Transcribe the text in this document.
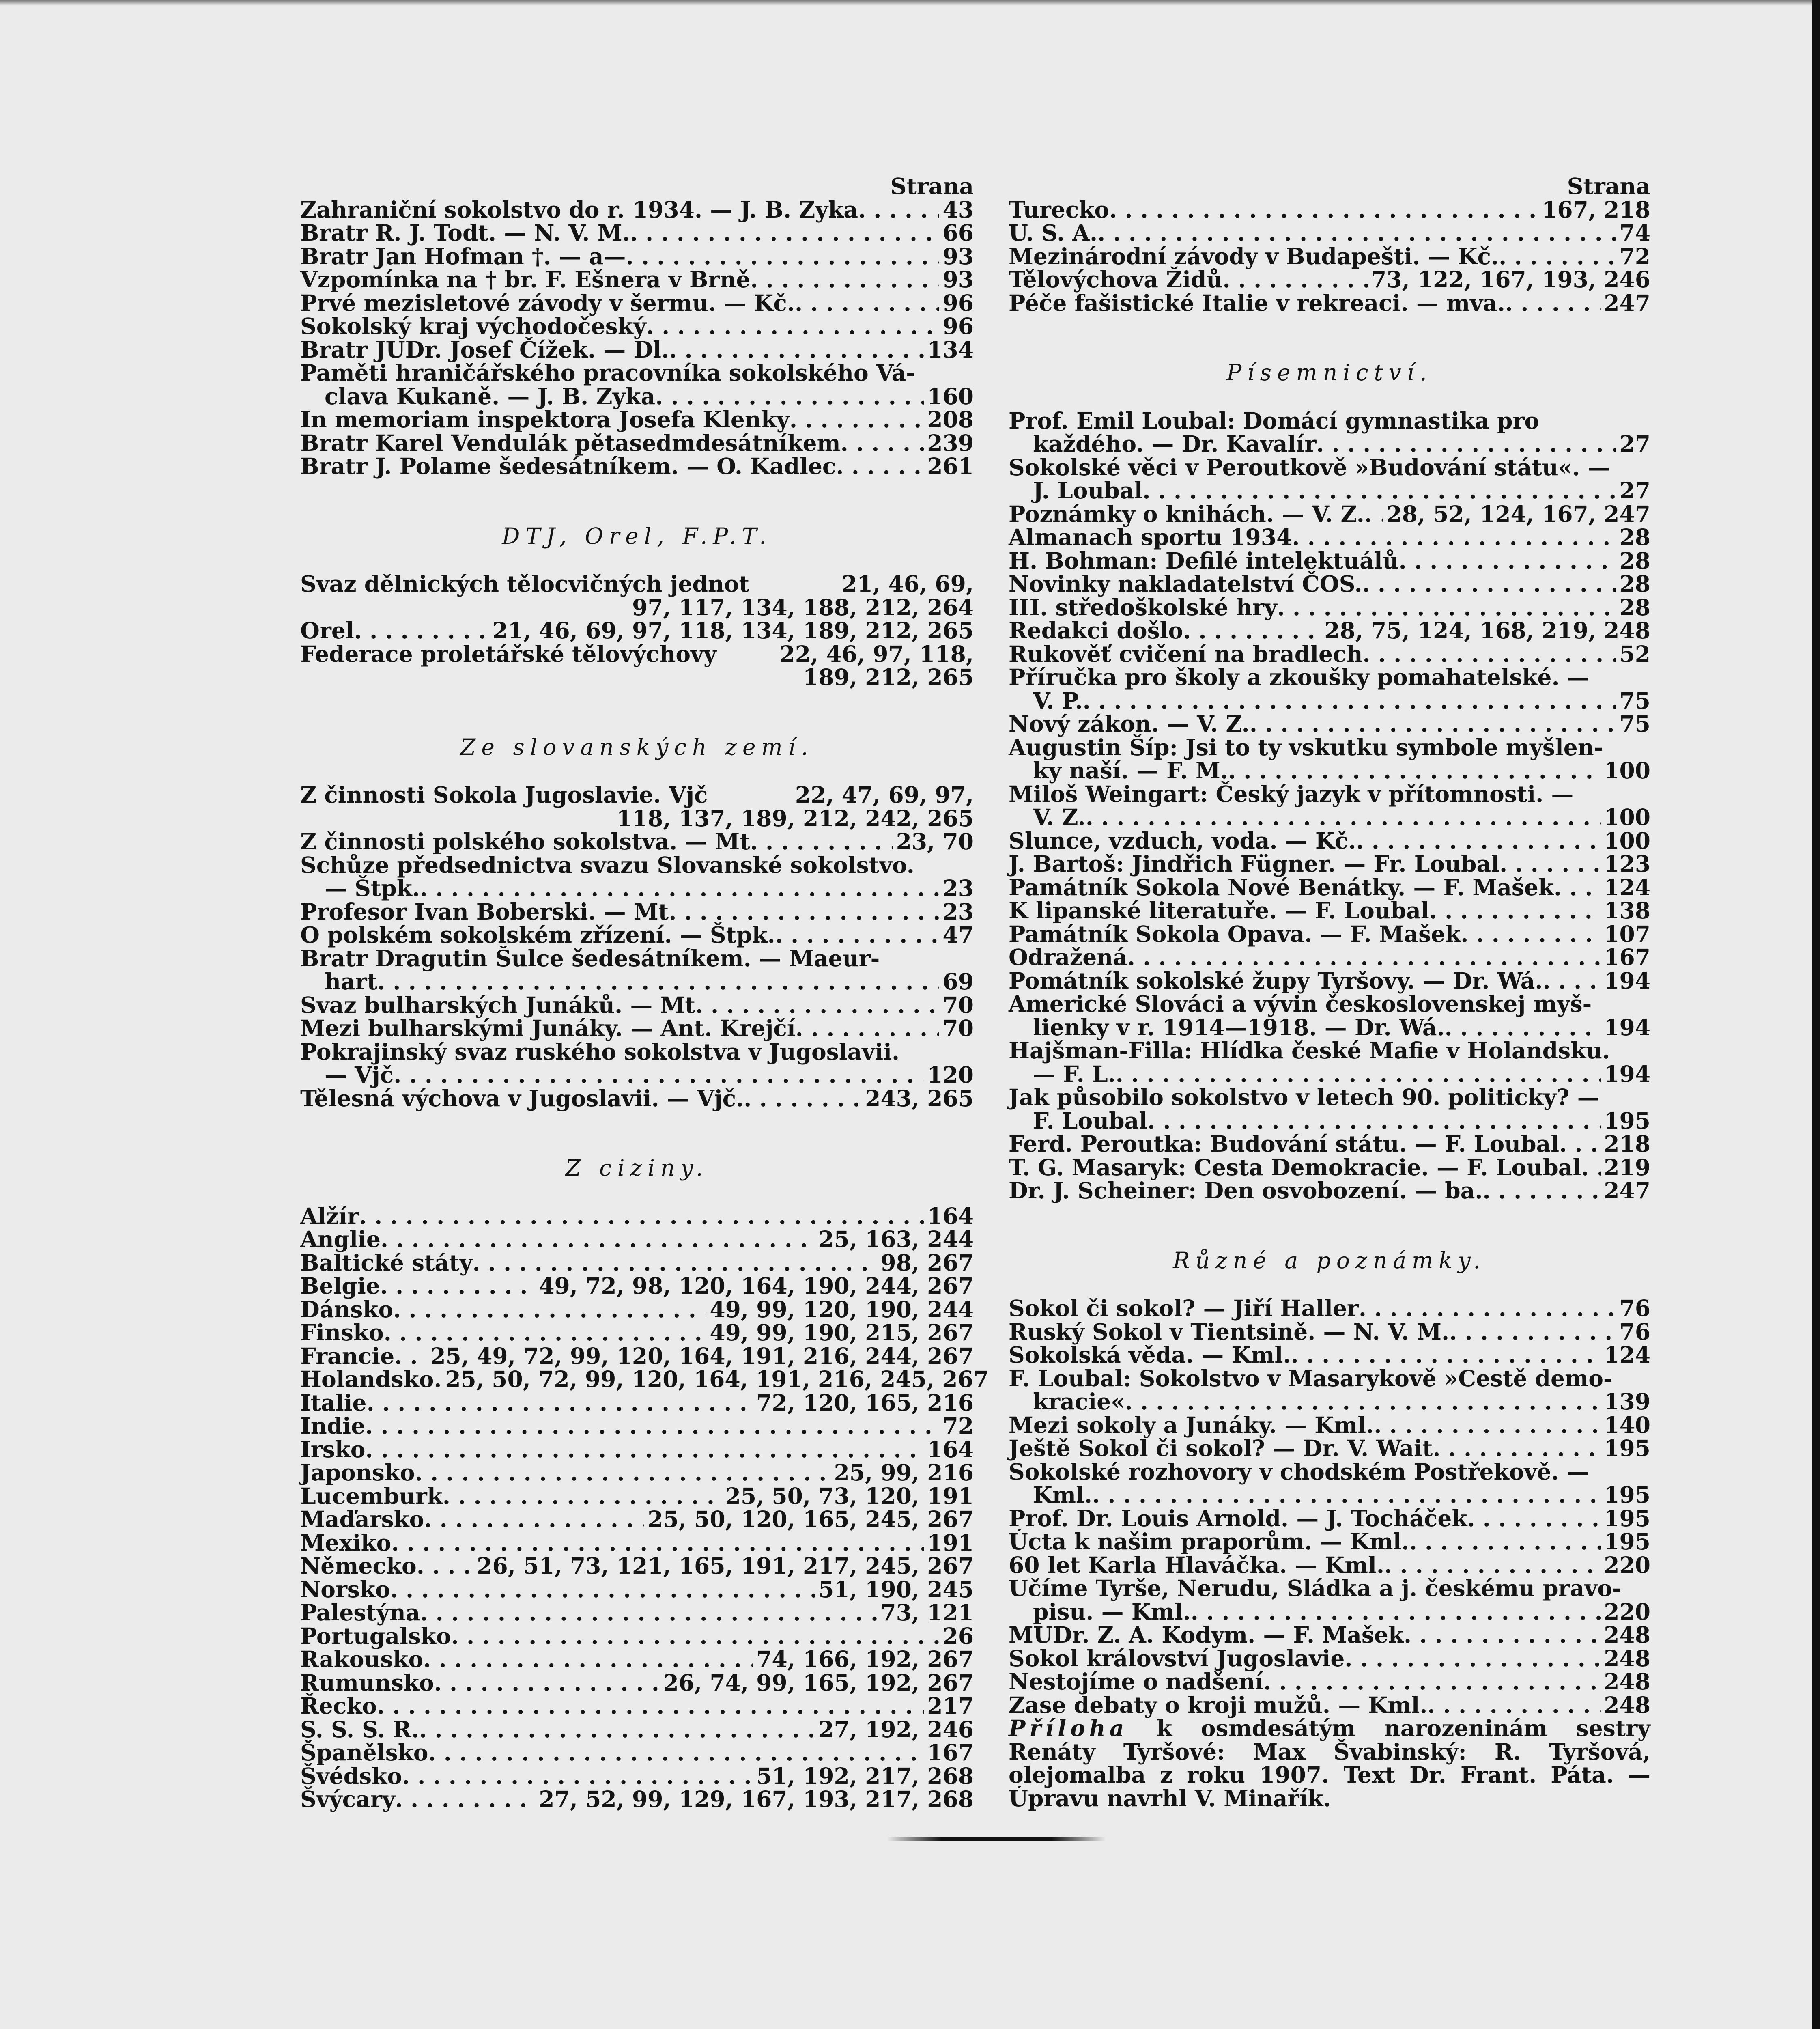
Strana
Zahraniční sokolstvo do r. 1934. — J. B. Zyka . . .	43
Bratr R. J. Todt. — N. V. M. . . .	66
Bratr Jan Hofman †. — a— . . .	93
Vzpomínka na † br. F. Ešnera v Brně . . .	93
Prvé mezisletové závody v šermu. — Kč. . . .	96
Sokolský kraj východočeský . . .	96
Bratr JUDr. Josef Čížek. — Dl. . . .	134
Paměti hraničářského pracovníka sokolského Vá-
clava Kukaně. — J. B. Zyka . . .	160
In memoriam inspektora Josefa Klenky . . .	208
Bratr Karel Vendulák pětasedmdesátníkem . . .	239
Bratr J. Polame šedesátníkem. — O. Kadlec . . .	261
DTJ, Orel, F.P.T.
Svaz dělnických tělocvičných jednot	21, 46, 69,
97, 117, 134, 188, 212, 264
Orel . . .	21, 46, 69, 97, 118, 134, 189, 212, 265
Federace proletářské tělovýchovy	22, 46, 97, 118,
189, 212, 265
Ze slovanských zemí.
Z činnosti Sokola Jugoslavie. Vjč	22, 47, 69, 97,
118, 137, 189, 212, 242, 265
Z činnosti polského sokolstva. — Mt . . .	23, 70
Schůze předsednictva svazu Slovanské sokolstvo.
— Štpk. . . .	23
Profesor Ivan Boberski. — Mt . . .	23
O polském sokolském zřízení. — Štpk. . . .	47
Bratr Dragutin Šulce šedesátníkem. — Maeur-
hart . . .	69
Svaz bulharských Junáků. — Mt . . .	70
Mezi bulharskými Junáky. — Ant. Krejčí . . .	70
Pokrajinský svaz ruského sokolstva v Jugoslavii.
— Vjč . . .	120
Tělesná výchova v Jugoslavii. — Vjč. . . .	243, 265
Z ciziny.
Alžír . . .	164
Anglie . . .	25, 163, 244
Baltické státy . . .	98, 267
Belgie . . .	49, 72, 98, 120, 164, 190, 244, 267
Dánsko . . .	49, 99, 120, 190, 244
Finsko . . .	49, 99, 190, 215, 267
Francie . . . 25, 49, 72, 99, 120, 164, 191, 216, 244, 267
Holandsko . . . 25, 50, 72, 99, 120, 164, 191, 216, 245, 267
Italie . . .	72, 120, 165, 216
Indie . . .	72
Irsko . . .	164
Japonsko . . .	25, 99, 216
Lucemburk . . .	25, 50, 73, 120, 191
Maďarsko . . .	25, 50, 120, 165, 245, 267
Mexiko . . .	191
Německo . . .	26, 51, 73, 121, 165, 191, 217, 245, 267
Norsko . . .	51, 190, 245
Palestýna . . .	73, 121
Portugalsko . . .	26
Rakousko . . .	74, 166, 192, 267
Rumunsko . . .	26, 74, 99, 165, 192, 267
Řecko . . .	217
S. S. S. R. . . .	27, 192, 246
Španělsko . . .	167
Švédsko . . .	51, 192, 217, 268
Švýcary . . .	27, 52, 99, 129, 167, 193, 217, 268
Strana
Turecko . . .	167, 218
U. S. A. . . .	74
Mezinárodní závody v Budapešti. — Kč. . . .	72
Tělovýchova Židů . . .	73, 122, 167, 193, 246
Péče fašistické Italie v rekreaci. — mva. . . .	247
Písemnictví.
Prof. Emil Loubal: Domácí gymnastika pro
každého. — Dr. Kavalír . . .	27
Sokolské věci v Peroutkově »Budování státu«. —
J. Loubal . . .	27
Poznámky o knihách. — V. Z. . . . 28, 52, 124, 167, 247
Almanach sportu 1934 . . .	28
H. Bohman: Defilé intelektuálů . . .	28
Novinky nakladatelství ČOS. . . .	28
III. středoškolské hry . . .	28
Redakci došlo . . .	28, 75, 124, 168, 219, 248
Rukověť cvičení na bradlech . . .	52
Příručka pro školy a zkoušky pomahatelské. —
V. P. . . .	75
Nový zákon. — V. Z. . . .	75
Augustin Šíp: Jsi to ty vskutku symbole myšlen-
ky naší. — F. M. . . .	100
Miloš Weingart: Český jazyk v přítomnosti. —
V. Z. . . .	100
Slunce, vzduch, voda. — Kč. . . .	100
J. Bartoš: Jindřich Fügner. — Fr. Loubal . . .	123
Památník Sokola Nové Benátky. — F. Mašek . . . 124
K lipanské literatuře. — F. Loubal . . .	138
Památník Sokola Opava. — F. Mašek . . .	107
Odražená . . .	167
Pomátník sokolské župy Tyršovy. — Dr. Wá. . . .	194
Americké Slováci a vývin československej myš-
lienky v r. 1914—1918. — Dr. Wá. . . .	194
Hajšman-Filla: Hlídka české Mafie v Holandsku.
— F. L. . . .	194
Jak působilo sokolstvo v letech 90. politicky? —
F. Loubal . . .	195
Ferd. Peroutka: Budování státu. — F. Loubal . . . 218
T. G. Masaryk: Cesta Demokracie. — F. Loubal . . . 219
Dr. J. Scheiner: Den osvobození. — ba. . . .	247
Různé a poznámky.
Sokol či sokol? — Jiří Haller . . .	76
Ruský Sokol v Tientsině. — N. V. M. . . .	76
Sokolská věda. — Kml. . . .	124
F. Loubal: Sokolstvo v Masarykově »Cestě demo-
kracie« . . .	139
Mezi sokoly a Junáky. — Kml. . . .	140
Ještě Sokol či sokol? — Dr. V. Wait . . .	195
Sokolské rozhovory v chodském Postřekově. —
Kml. . . .	195
Prof. Dr. Louis Arnold. — J. Tocháček . . .	195
Úcta k našim praporům. — Kml. . . .	195
60 let Karla Hlaváčka. — Kml. . . .	220
Učíme Tyrše, Nerudu, Sládka a j. českému pravo-
pisu. — Kml. . . .	220
MUDr. Z. A. Kodym. — F. Mašek . . .	248
Sokol království Jugoslavie . . .	248
Nestojíme o nadšení . . .	248
Zase debaty o kroji mužů. — Kml. . . .	248
Příloha k osmdesátým narozeninám sestry Renáty Tyršové: Max Švabinský: R. Tyršová, olejomalba z roku 1907. Text Dr. Frant. Páta. — Úpravu navrhl V. Minařík.
